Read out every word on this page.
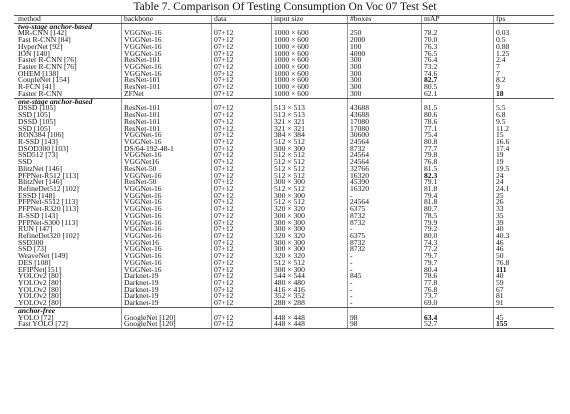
Table 7. Comparison Of Testing Consumption On Voc 07 Test Set
method	backbone	data	input size	#boxes	mAP	fps
two-stage anchor-based
MR-CNN [142]	VGGNet-16	07+12	1000 × 600	250	78.2	0.03
Fast R-CNN [84]	VGGNet-16	07+12	1000 × 600	2000	70.0	0.5
HyperNet [92]	VGGNet-16	07+12	1000 × 600	100	76.3	0.88
ION [140]	VGGNet-16	07+12	1000 × 600	4000	76.5	1.25
Faster R-CNN [76]	ResNet-101	07+12	1000 × 600	300	76.4	2.4
Faster R-CNN [76]	VGGNet-16	07+12	1000 × 600	300	73.2	7
OHEM [138]	VGGNet-16	07+12	1000 × 600	300	74.6	7
CoupleNet [154]	ResNet-101	07+12	1000 × 600	300	82.7	8.2
R-FCN [41]	ResNet-101	07+12	1000 × 600	300	80.5	9
Faster R-CNN	ZFNet	07+12	1000 × 600	300	62.1	18
one-stage anchor-based
DSSD [105]	ResNet-101	07+12	513 × 513	43688	81.5	5.5
SSD [105]	ResNet-101	07+12	513 × 513	43688	80.6	6.8
DSSD [105]	ResNet-101	07+12	321 × 321	17080	78.6	9.5
SSD [105]	ResNet-101	07+12	321 × 321	17080	77.1	11.2
RON384 [106]	VGGNet-16	07+12	384 × 384	30600	75.4	15
R-SSD [143]	VGGNet-16	07+12	512 × 512	24564	80.8	16.6
DSOD300 [103]	DS/64-192-48-1	07+12	300 × 300	8732	77.7	17.4
SSD512 [73]	VGGNet-16	07+12	512 × 512	24564	79.8	19
SSD	VGGNet16	07+12	512 × 512	24564	76.8	19
BlitzNet [146]	ResNet-50	07+12	512 × 512	32766	81.5	19.5
PFPNet-R512 [113]	VGGNet-16	07+12	512 × 512	16320	82.3	24
BlitzNet [146]	ResNet-50	07+12	300 × 300	45390	79.1	24
RefineDet512 [102]	VGGNet-16	07+12	512 × 512	16320	81.8	24.1
ESSD [148]	VGGNet-16	07+12	300 × 300	-	79.4	25
PFPNet-S512 [113]	VGGNet-16	07+12	512 × 512	24564	81.8	26
PFPNet-R320 [113]	VGGNet-16	07+12	320 × 320	6375	80.7	33
R-SSD [143]	VGGNet-16	07+12	300 × 300	8732	78.5	35
PFPNet-S300 [113]	VGGNet-16	07+12	300 × 300	8732	79.9	39
RUN [147]	VGGNet-16	07+12	300 × 300	-	79.2	40
RefineDet320 [102]	VGGNet-16	07+12	320 × 320	6375	80.0	40.3
SSD300	VGGNet16	07+12	300 × 300	8732	74.3	46
SSD [73]	VGGNet-16	07+12	300 × 300	8732	77.2	46
WeaveNet [149]	VGGNet-16	07+12	320 × 320	-	79.7	50
DES [108]	VGGNet-16	07+12	512 × 512	-	79.7	76.8
EFIPNet[151]	VGGNet-16	07+12	300 × 300	-	80.4	111
YOLOv2 [80]	Darknet-19	07+12	544 × 544	845	78.6	40
YOLOv2 [80]	Darknet-19	07+12	480 × 480	-	77.8	59
YOLOv2 [80]	Darknet-19	07+12	416 × 416	-	76.8	67
YOLOv2 [80]	Darknet-19	07+12	352 × 352	-	73.7	81
YOLOv2 [80]	Darknet-19	07+12	288 × 288	-	69.0	91
anchor-free
YOLO [72]	GoogleNet [120]	07+12	448 × 448	98	63.4	45
Fast YOLO [72]	GoogleNet [120]	07+12	448 × 448	98	52.7	155
